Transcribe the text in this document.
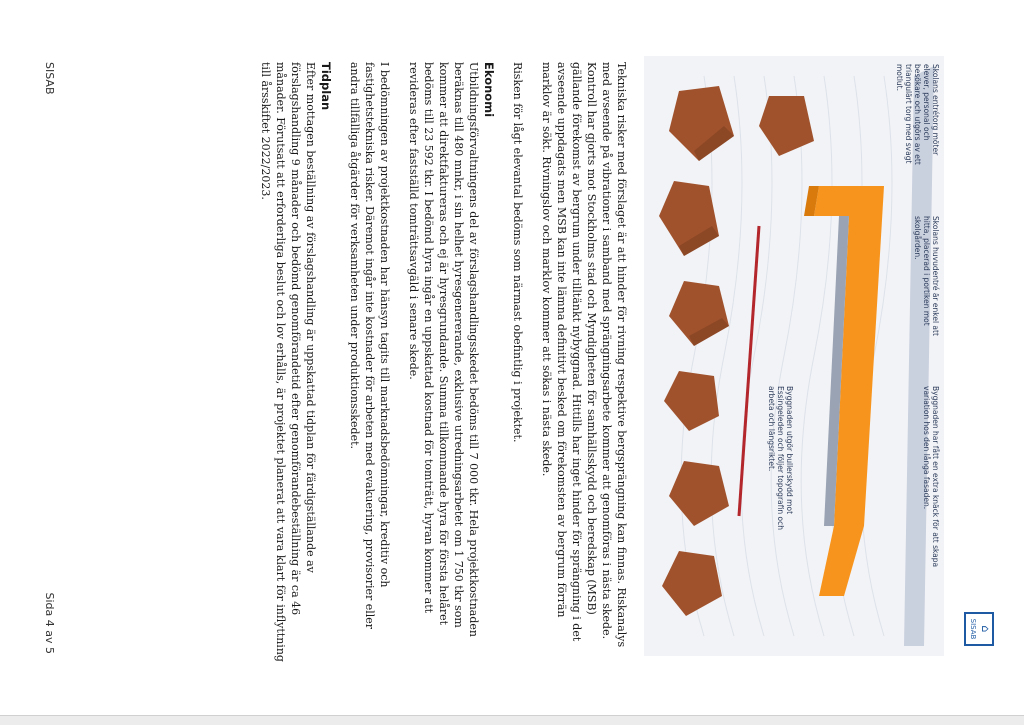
SISAB
Sida 4 av 5	⌂
SISAB
Skolans entrétorg möter elever, personal och besökare och utgörs av ett triangulärt torg med svagt motlut.
Skolans huvudentré är enkel att hitta, placerad i portiken mot skolgården.
Byggnaden har fått en extra knäck för att skapa variation hos den långa fasaden.
Byggnaden utgör bullerskydd mot Essingeleden och följer topografin och arbeta och längsriktet.

Tekniska risker med förslaget är att hinder för rivning respektive bergsprängning kan finnas. Riskanalys med avseende på vibrationer i samband med sprängningsarbete kommer att genomföras i nästa skede. Kontroll har gjorts mot Stockholms stad och Myndigheten för samhällsskydd och beredskap (MSB) gällande förekomst av bergrum under tilltänkt nybyggnad. Hittills har inget hinder för sprängning i det avseende uppdagats men MSB kan inte lämna definitivt besked om förekomsten av bergrum förrän marklov är sökt. Rivningslov och marklov kommer att sökas i nästa skede.

Risken för lågt elevantal bedöms som närmast obefintlig i projektet.

Ekonomi

Utbildningsförvaltningens del av förslagshandlingsskedet bedöms till 7 000 tkr. Hela projektkostnaden beräknas till 480 mnkr, i sin helhet hyresgenererande, exklusive utredningsarbetet om 1 750 tkr som kommer att direktfaktureras och ej är hyresgrundande. Summa tillkommande hyra för första helåret bedöms till 23 592 tkr. I bedömd hyra ingår en uppskattad kostnad för tomträtt, hyran kommer att revideras efter fastställd tomträttsavgäld i senare skede.

I bedömningen av projektkostnaden har hänsyn tagits till marknadsbedömningar, kreditiv och fastighetstekniska risker. Däremot ingår inte kostnader för arbeten med evakuering, provisorier eller andra tillfälliga åtgärder för verksamheten under produktionsskedet.

Tidplan

Efter mottagen beställning av förslagshandling är uppskattad tidplan för färdigställande av förslagshandling 9 månader och bedömd genomförandetid efter genomförandebeställning är ca 46 månader. Förutsatt att erforderliga beslut och lov erhålls, är projektet planerat att vara klart för inflyttning till årsskiftet 2022/2023.
